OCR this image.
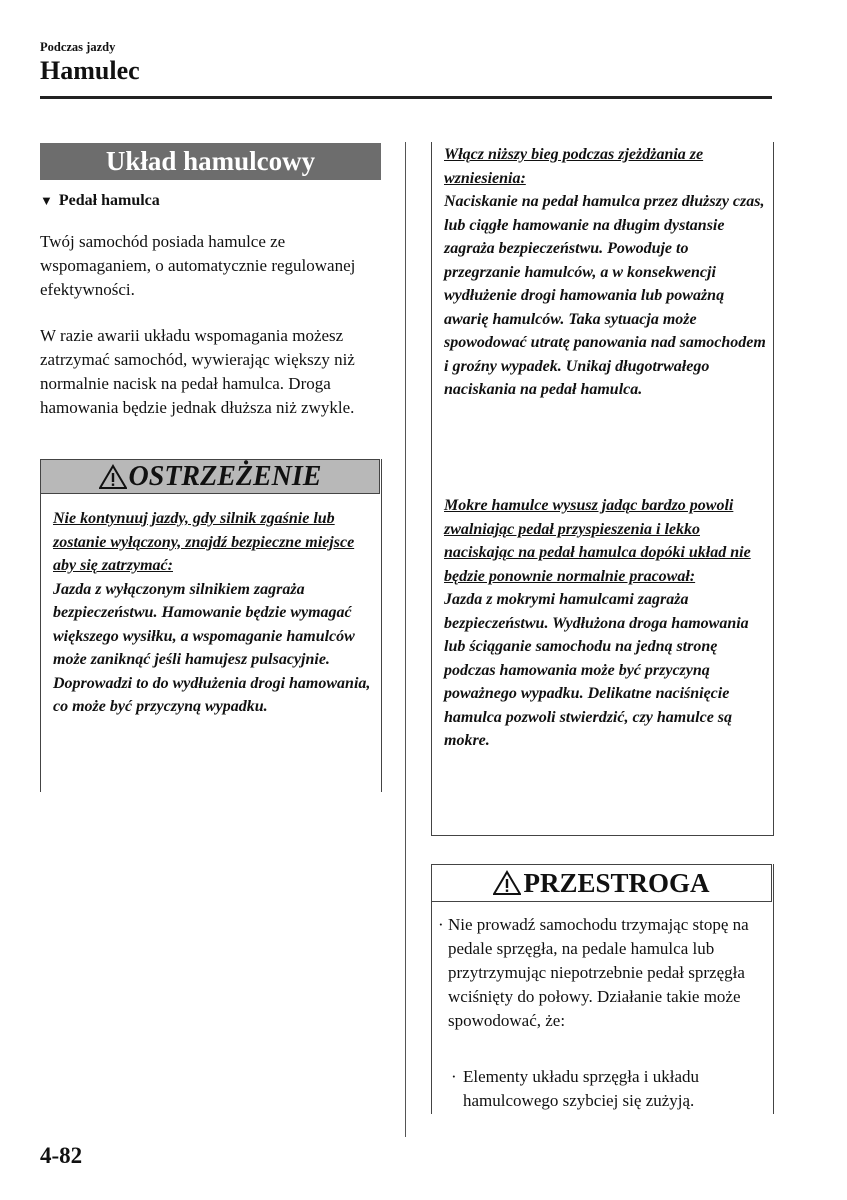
Podczas jazdy
Hamulec
Układ hamulcowy
▼ Pedał hamulca
Twój samochód posiada hamulce ze wspomaganiem, o automatycznie regulowanej efektywności.
W razie awarii układu wspomagania możesz zatrzymać samochód, wywierając większy niż normalnie nacisk na pedał hamulca. Droga hamowania będzie jednak dłuższa niż zwykle.
OSTRZEŻENIE
Nie kontynuuj jazdy, gdy silnik zgaśnie lub zostanie wyłączony, znajdź bezpieczne miejsce aby się zatrzymać:
Jazda z wyłączonym silnikiem zagraża bezpieczeństwu. Hamowanie będzie wymagać większego wysiłku, a wspomaganie hamulców może zaniknąć jeśli hamujesz pulsacyjnie. Doprowadzi to do wydłużenia drogi hamowania, co może być przyczyną wypadku.
Włącz niższy bieg podczas zjeżdżania ze wzniesienia:
Naciskanie na pedał hamulca przez dłuższy czas, lub ciągłe hamowanie na długim dystansie zagraża bezpieczeństwu. Powoduje to przegrzanie hamulców, a w konsekwencji wydłużenie drogi hamowania lub poważną awarię hamulców. Taka sytuacja może spowodować utratę panowania nad samochodem i groźny wypadek. Unikaj długotrwałego naciskania na pedał hamulca.
Mokre hamulce wysusz jadąc bardzo powoli zwalniając pedał przyspieszenia i lekko naciskając na pedał hamulca dopóki układ nie będzie ponownie normalnie pracował:
Jazda z mokrymi hamulcami zagraża bezpieczeństwu. Wydłużona droga hamowania lub ściąganie samochodu na jedną stronę podczas hamowania może być przyczyną poważnego wypadku. Delikatne naciśnięcie hamulca pozwoli stwierdzić, czy hamulce są mokre.
PRZESTROGA
· Nie prowadź samochodu trzymając stopę na pedale sprzęgła, na pedale hamulca lub przytrzymując niepotrzebnie pedał sprzęgła wciśnięty do połowy. Działanie takie może spowodować, że:
· Elementy układu sprzęgła i układu hamulcowego szybciej się zużyją.
4-82
